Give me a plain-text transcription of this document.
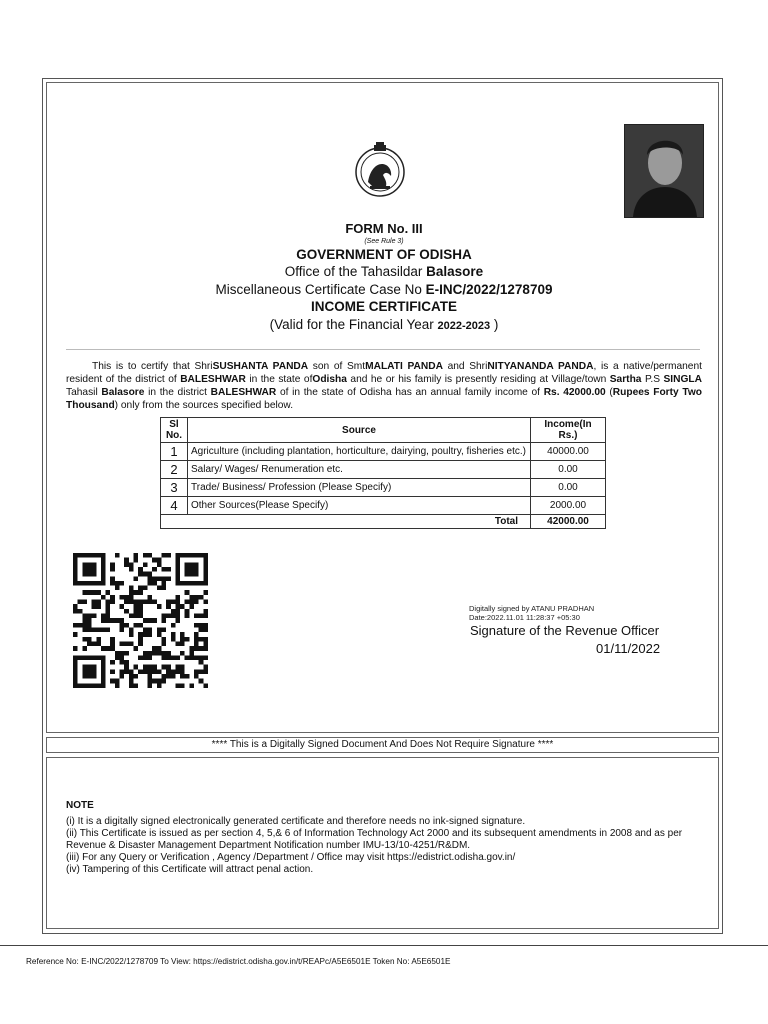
FORM No. III
(See Rule 3)
GOVERNMENT OF ODISHA
Office of the Tahasildar Balasore
Miscellaneous Certificate Case No E-INC/2022/1278709
INCOME CERTIFICATE
(Valid for the Financial Year 2022-2023 )
This is to certify that ShriSUSHANTA PANDA son of SmtMALATI PANDA and ShriNITYANANDA PANDA, is a native/permanent resident of the district of BALESHWAR in the state ofOdisha and he or his family is presently residing at Village/town Sartha P.S SINGLA Tahasil Balasore in the district BALESHWAR of in the state of Odisha has an annual family income of Rs. 42000.00 (Rupees Forty Two Thousand) only from the sources specified below.
Sl No.	Source	Income(In Rs.)
1	Agriculture (including plantation, horticulture, dairying, poultry, fisheries etc.)	40000.00
2	Salary/ Wages/ Renumeration etc.	0.00
3	Trade/ Business/ Profession (Please Specify)	0.00
4	Other Sources(Please Specify)	2000.00
Total		42000.00
Digitally signed by ATANU PRADHAN
Date:2022.11.01 11:28:37 +05:30
Signature of the Revenue Officer
01/11/2022
**** This is a Digitally Signed Document And Does Not Require Signature ****
NOTE
(i) It is a digitally signed electronically generated certificate and therefore needs no ink-signed signature.
(ii) This Certificate is issued as per section 4, 5,& 6 of Information Technology Act 2000 and its subsequent amendments in 2008 and as per Revenue & Disaster Management Department Notification number IMU-13/10-4251/R&DM.
(iii) For any Query or Verification , Agency /Department / Office may visit https://edistrict.odisha.gov.in/
(iv) Tampering of this Certificate will attract penal action.
Reference No: E-INC/2022/1278709 To View: https://edistrict.odisha.gov.in/t/REAPc/A5E6501E Token No: A5E6501E
